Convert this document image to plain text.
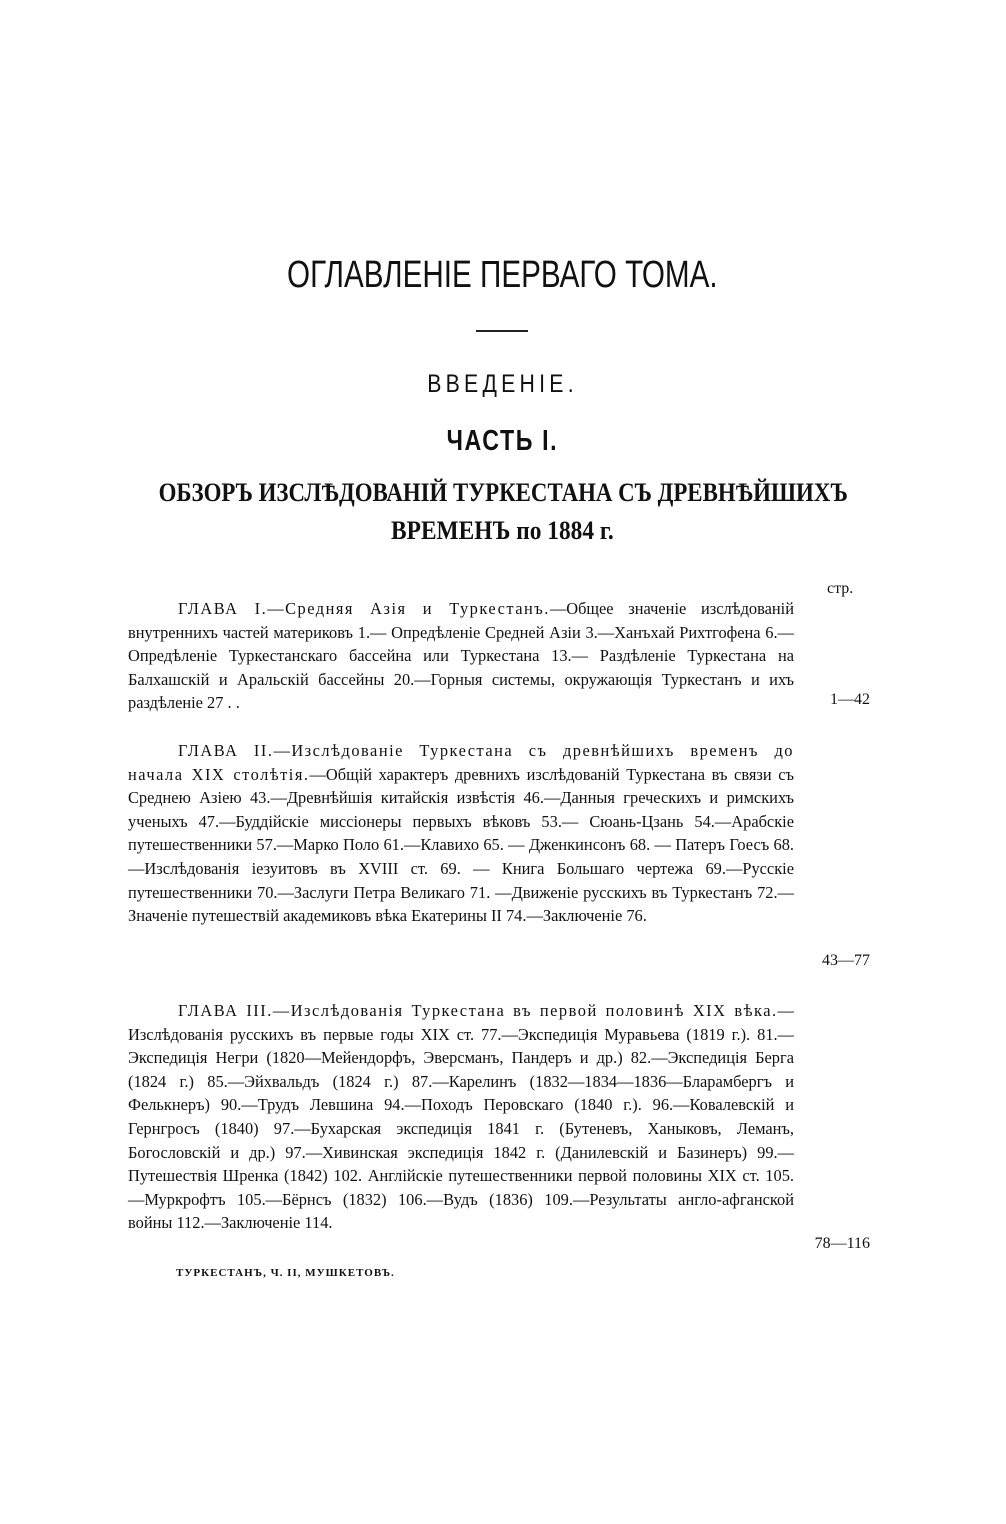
ОГЛАВЛЕНІЕ ПЕРВАГО ТОМА.
ВВЕДЕНІЕ.
ЧАСТЬ I.
ОБЗОРЪ ИЗСЛѢДОВАНІЙ ТУРКЕСТАНА СЪ ДРЕВНѢЙШИХЪ
ВРЕМЕНЪ по 1884 г.
стр.
ГЛАВА I.—Средняя Азія и Туркестанъ.—Общее значеніе изслѣдованій внутреннихъ частей материковъ 1.— Опредѣленіе Средней Азіи 3.—Ханъхай Рихтгофена 6.—Опредѣленіе Туркестанскаго бассейна или Туркестана 13.— Раздѣленіе Туркестана на Балхашскій и Аральскій бассейны 20.—Горныя системы, окружающія Туркестанъ и ихъ раздѣленіе 27 . .	1—42
ГЛАВА II.—Изслѣдованіе Туркестана съ древнѣйшихъ временъ до начала XIX столѣтія.—Общій характеръ древнихъ изслѣдованій Туркестана въ связи съ Среднею Азіею 43.—Древнѣйшія китайскія извѣстія 46.—Данныя греческихъ и римскихъ ученыхъ 47.—Буддійскіе миссіонеры первыхъ вѣковъ 53.— Сюань-Цзань 54.—Арабскіе путешественники 57.—Марко Поло 61.—Клавихо 65. — Дженкинсонъ 68. — Патеръ Гоесъ 68.—Изслѣдованія іезуитовъ въ XVIII ст. 69. — Книга Большаго чертежа 69.—Русскіе путешественники 70.—Заслуги Петра Великаго 71. —Движеніе русскихъ въ Туркестанъ 72.—Значеніе путешествій академиковъ вѣка Екатерины II 74.—Заключеніе 76.
43—77
ГЛАВА III.—Изслѣдованія Туркестана въ первой половинѣ XIX вѣка.—Изслѣдованія русскихъ въ первые годы XIX ст. 77.—Экспедиція Муравьева (1819 г.). 81.—Экспедиція Негри (1820—Мейендорфъ, Эверсманъ, Пандеръ и др.) 82.—Экспедиція Берга (1824 г.) 85.—Эйхвальдъ (1824 г.) 87.—Карелинъ (1832—1834—1836—Бларамбергъ и Фелькнеръ) 90.—Трудъ Левшина 94.—Походъ Перовскаго (1840 г.). 96.—Ковалевскій и Гернгросъ (1840) 97.—Бухарская экспедиція 1841 г. (Бутеневъ, Ханыковъ, Леманъ, Богословскій и др.) 97.—Хивинская экспедиція 1842 г. (Данилевскій и Базинеръ) 99.—Путешествія Шренка (1842) 102. Англійскіе путешественники первой половины XIX ст. 105.—Муркрофтъ 105.—Бёрнсъ (1832) 106.—Вудъ (1836) 109.—Результаты англо-афганской войны 112.—Заключеніе 114.
78—116
ТУРКЕСТАНЪ, Ч. II, МУШКЕТОВЪ.
